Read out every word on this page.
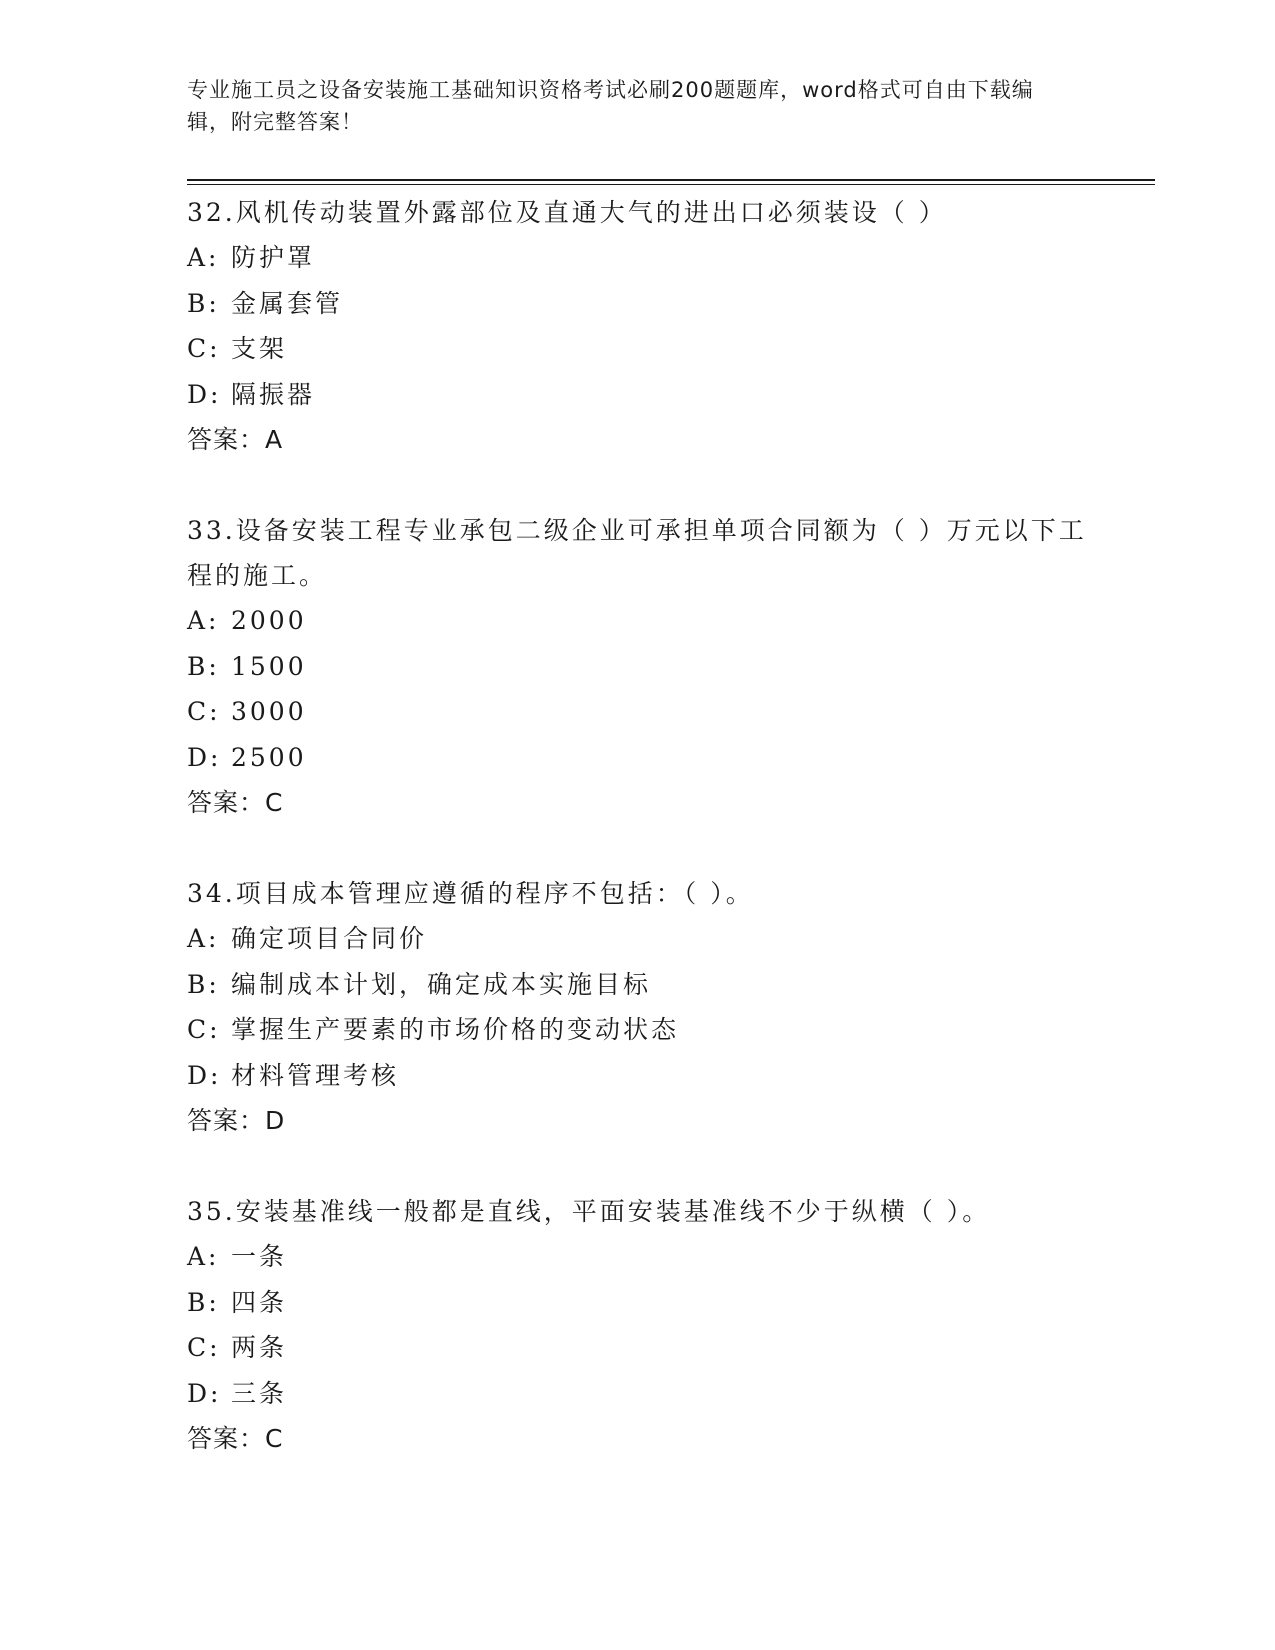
专业施工员之设备安装施工基础知识资格考试必刷200题题库，word格式可自由下载编辑，附完整答案！
32.风机传动装置外露部位及直通大气的进出口必须装设（ ）
A: 防护罩
B: 金属套管
C: 支架
D: 隔振器
答案：A
33.设备安装工程专业承包二级企业可承担单项合同额为（ ）万元以下工程的施工。
A: 2000
B: 1500
C: 3000
D: 2500
答案：C
34.项目成本管理应遵循的程序不包括：（ ）。
A: 确定项目合同价
B: 编制成本计划，确定成本实施目标
C: 掌握生产要素的市场价格的变动状态
D: 材料管理考核
答案：D
35.安装基准线一般都是直线，平面安装基准线不少于纵横（ ）。
A: 一条
B: 四条
C: 两条
D: 三条
答案：C
